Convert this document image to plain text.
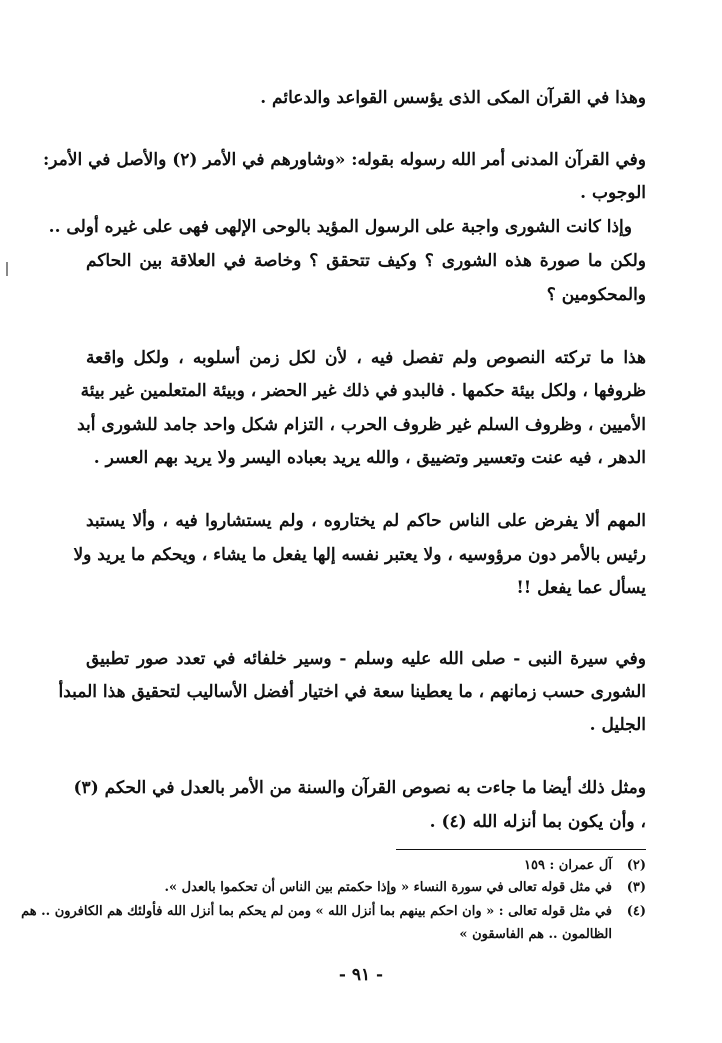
وهذا في القرآن المكى الذى يؤسس القواعد والدعائم .
وفي القرآن المدنى أمر الله رسوله بقوله: «وشاورهم في الأمر (٢) والأصل في الأمر:
الوجوب .
وإذا كانت الشورى واجبة على الرسول المؤيد بالوحى الإلهى فهى على غيره أولى ..
ولكن ما صورة هذه الشورى ؟ وكيف تتحقق ؟ وخاصة في العلاقة بين الحاكم
والمحكومين ؟
هذا ما تركته النصوص ولم تفصل فيه ، لأن لكل زمن أسلوبه ، ولكل واقعة
ظروفها ، ولكل بيئة حكمها . فالبدو في ذلك غير الحضر ، وبيئة المتعلمين غير بيئة
الأميين ، وظروف السلم غير ظروف الحرب ، التزام شكل واحد جامد للشورى أبد
الدهر ، فيه عنت وتعسير وتضييق ، والله يريد بعباده اليسر ولا يريد بهم العسر .
المهم ألا يفرض على الناس حاكم لم يختاروه ، ولم يستشاروا فيه ، وألا يستبد
رئيس بالأمر دون مرؤوسيه ، ولا يعتبر نفسه إلها يفعل ما يشاء ، ويحكم ما يريد ولا
يسأل عما يفعل !!
وفي سيرة النبى - صلى الله عليه وسلم - وسير خلفائه في تعدد صور تطبيق
الشورى حسب زمانهم ، ما يعطينا سعة في اختيار أفضل الأساليب لتحقيق هذا المبدأ
الجليل .
ومثل ذلك أيضا ما جاءت به نصوص القرآن والسنة من الأمر بالعدل في الحكم (٣)
، وأن يكون بما أنزله الله (٤) .
(٢)آل عمران : ١٥٩
(٣)في مثل قوله تعالى في سورة النساء « وإذا حكمتم بين الناس أن تحكموا بالعدل ».
(٤)في مثل قوله تعالى : « وان احكم بينهم بما أنزل الله » ومن لم يحكم بما أنزل الله فأولئك هم الكافرون .. هم
الظالمون .. هم الفاسقون »
- ٩١ -
